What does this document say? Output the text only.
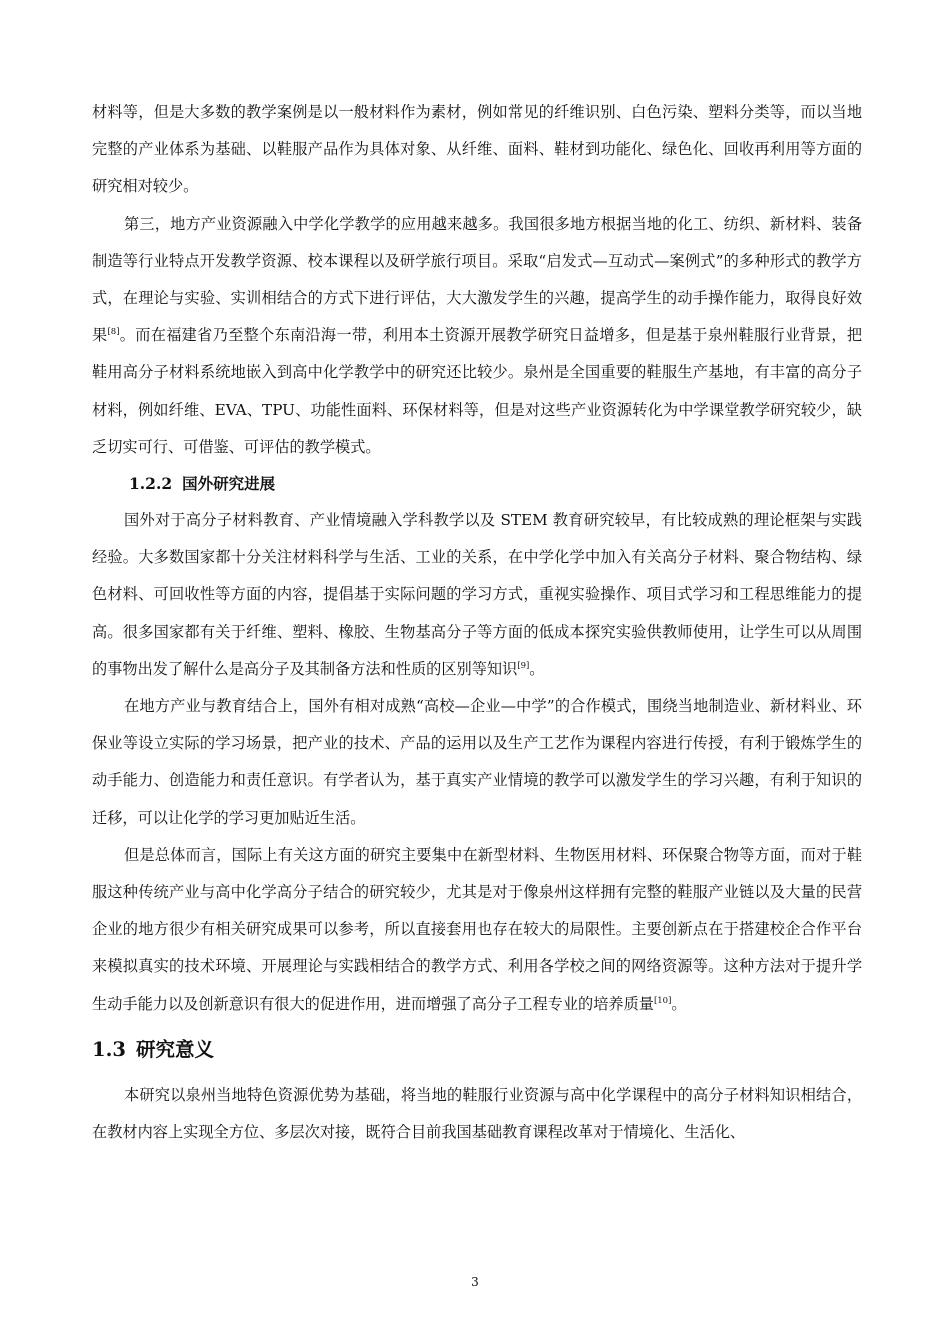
材料等，但是大多数的教学案例是以一般材料作为素材，例如常见的纤维识别、白色污染、塑料分类等，而以当地完整的产业体系为基础、以鞋服产品作为具体对象、从纤维、面料、鞋材到功能化、绿色化、回收再利用等方面的研究相对较少。

第三，地方产业资源融入中学化学教学的应用越来越多。我国很多地方根据当地的化工、纺织、新材料、装备制造等行业特点开发教学资源、校本课程以及研学旅行项目。采取“启发式—互动式—案例式”的多种形式的教学方式，在理论与实验、实训相结合的方式下进行评估，大大激发学生的兴趣，提高学生的动手操作能力，取得良好效果[8]。而在福建省乃至整个东南沿海一带，利用本土资源开展教学研究日益增多，但是基于泉州鞋服行业背景，把鞋用高分子材料系统地嵌入到高中化学教学中的研究还比较少。泉州是全国重要的鞋服生产基地，有丰富的高分子材料，例如纤维、EVA、TPU、功能性面料、环保材料等，但是对这些产业资源转化为中学课堂教学研究较少，缺乏切实可行、可借鉴、可评估的教学模式。

1.2.2 国外研究进展

国外对于高分子材料教育、产业情境融入学科教学以及 STEM 教育研究较早，有比较成熟的理论框架与实践经验。大多数国家都十分关注材料科学与生活、工业的关系，在中学化学中加入有关高分子材料、聚合物结构、绿色材料、可回收性等方面的内容，提倡基于实际问题的学习方式，重视实验操作、项目式学习和工程思维能力的提高。很多国家都有关于纤维、塑料、橡胶、生物基高分子等方面的低成本探究实验供教师使用，让学生可以从周围的事物出发了解什么是高分子及其制备方法和性质的区别等知识[9]。

在地方产业与教育结合上，国外有相对成熟“高校—企业—中学”的合作模式，围绕当地制造业、新材料业、环保业等设立实际的学习场景，把产业的技术、产品的运用以及生产工艺作为课程内容进行传授，有利于锻炼学生的动手能力、创造能力和责任意识。有学者认为，基于真实产业情境的教学可以激发学生的学习兴趣，有利于知识的迁移，可以让化学的学习更加贴近生活。

但是总体而言，国际上有关这方面的研究主要集中在新型材料、生物医用材料、环保聚合物等方面，而对于鞋服这种传统产业与高中化学高分子结合的研究较少，尤其是对于像泉州这样拥有完整的鞋服产业链以及大量的民营企业的地方很少有相关研究成果可以参考，所以直接套用也存在较大的局限性。主要创新点在于搭建校企合作平台来模拟真实的技术环境、开展理论与实践相结合的教学方式、利用各学校之间的网络资源等。这种方法对于提升学生动手能力以及创新意识有很大的促进作用，进而增强了高分子工程专业的培养质量[10]。

1.3 研究意义

本研究以泉州当地特色资源优势为基础，将当地的鞋服行业资源与高中化学课程中的高分子材料知识相结合，在教材内容上实现全方位、多层次对接，既符合目前我国基础教育课程改革对于情境化、生活化、

3
